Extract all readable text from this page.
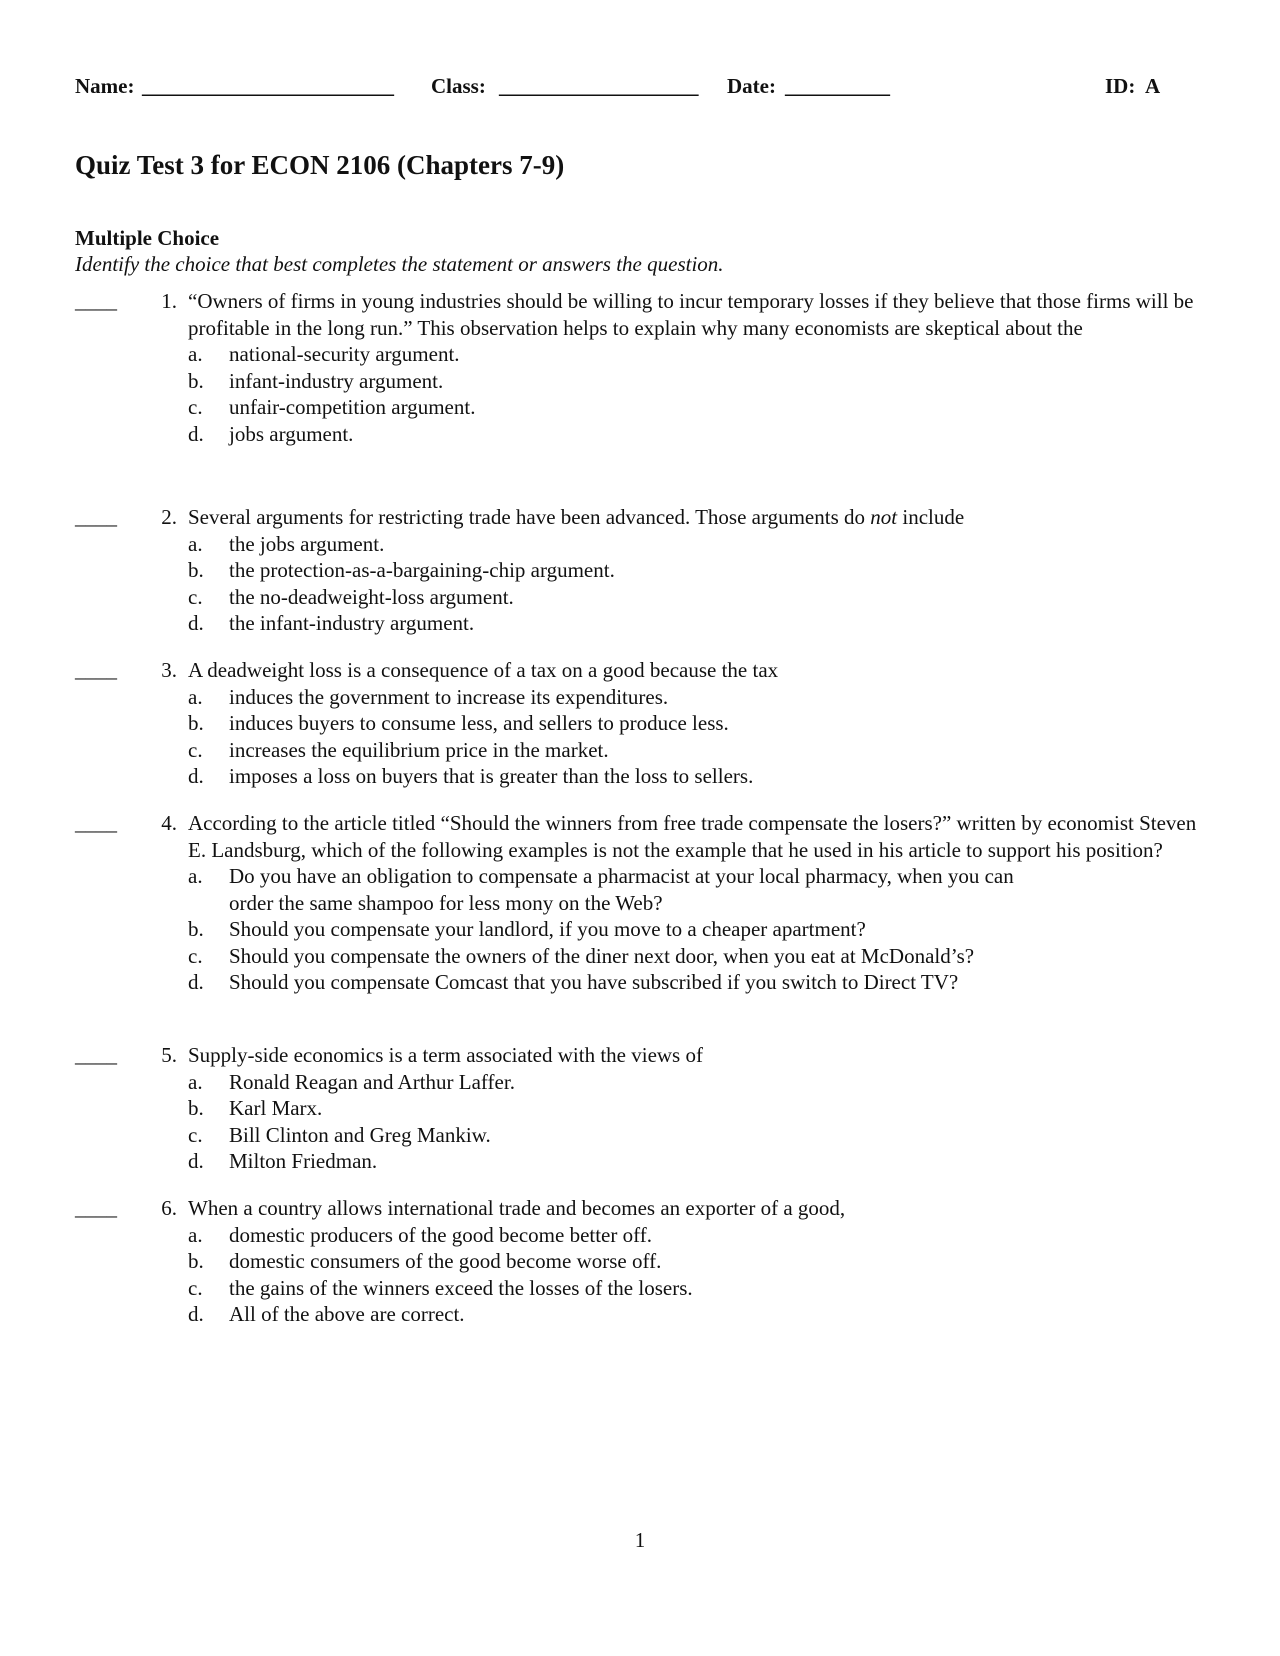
Name: ________________________ Class: ___________________ Date: __________	ID: A
Quiz Test 3 for ECON 2106 (Chapters 7-9)
Multiple Choice
Identify the choice that best completes the statement or answers the question.
____	1. “Owners of firms in young industries should be willing to incur temporary losses if they believe that those firms will be profitable in the long run.” This observation helps to explain why many economists are skeptical about the
a.	national-security argument.
b.	infant-industry argument.
c.	unfair-competition argument.
d.	jobs argument.
____	2. Several arguments for restricting trade have been advanced. Those arguments do not include
a.	the jobs argument.
b.	the protection-as-a-bargaining-chip argument.
c.	the no-deadweight-loss argument.
d.	the infant-industry argument.
____	3. A deadweight loss is a consequence of a tax on a good because the tax
a.	induces the government to increase its expenditures.
b.	induces buyers to consume less, and sellers to produce less.
c.	increases the equilibrium price in the market.
d.	imposes a loss on buyers that is greater than the loss to sellers.
____	4. According to the article titled “Should the winners from free trade compensate the losers?” written by economist Steven E. Landsburg, which of the following examples is not the example that he used in his article to support his position?
a.	Do you have an obligation to compensate a pharmacist at your local pharmacy, when you can order the same shampoo for less mony on the Web?
b.	Should you compensate your landlord, if you move to a cheaper apartment?
c.	Should you compensate the owners of the diner next door, when you eat at McDonald’s?
d.	Should you compensate Comcast that you have subscribed if you switch to Direct TV?
____	5. Supply-side economics is a term associated with the views of
a.	Ronald Reagan and Arthur Laffer.
b.	Karl Marx.
c.	Bill Clinton and Greg Mankiw.
d.	Milton Friedman.
____	6. When a country allows international trade and becomes an exporter of a good,
a.	domestic producers of the good become better off.
b.	domestic consumers of the good become worse off.
c.	the gains of the winners exceed the losses of the losers.
d.	All of the above are correct.
1
